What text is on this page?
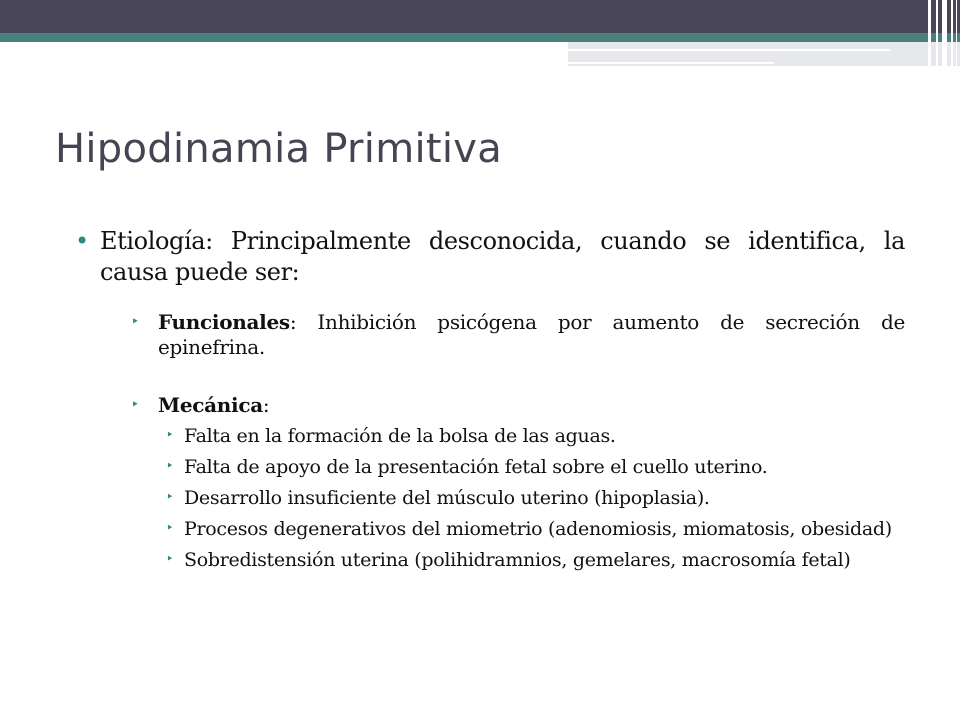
Hipodinamia Primitiva
• Etiología: Principalmente desconocida, cuando se identifica, la causa puede ser:
‣ Funcionales: Inhibición psicógena por aumento de secreción de epinefrina.
‣ Mecánica:
‣ Falta en la formación de la bolsa de las aguas.
‣ Falta de apoyo de la presentación fetal sobre el cuello uterino.
‣ Desarrollo insuficiente del músculo uterino (hipoplasia).
‣ Procesos degenerativos del miometrio (adenomiosis, miomatosis, obesidad)
‣ Sobredistensión uterina (polihidramnios, gemelares, macrosomía fetal)
